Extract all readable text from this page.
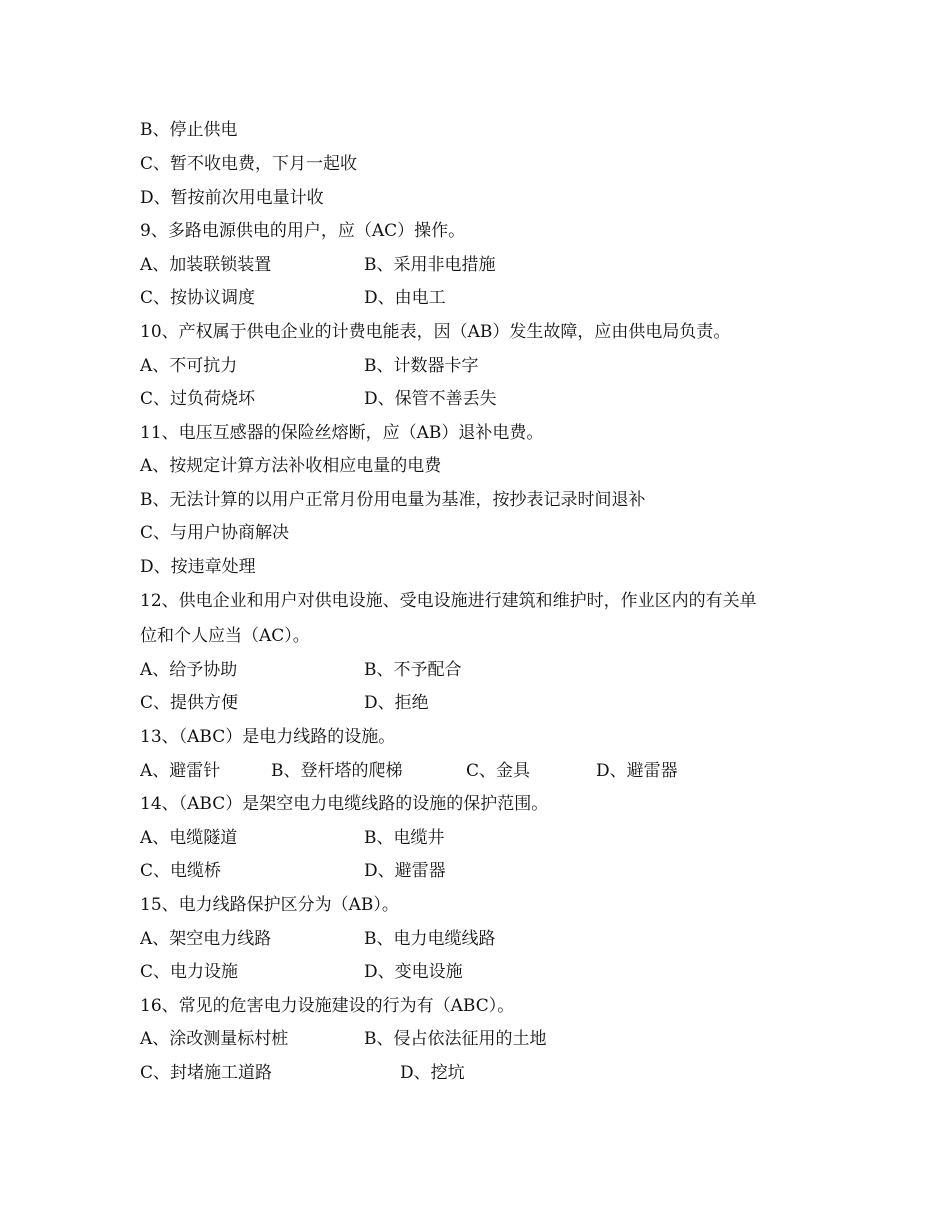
B、停止供电
C、暂不收电费，下月一起收
D、暂按前次用电量计收
9、多路电源供电的用户，应（AC）操作。
A、加装联锁装置	B、采用非电措施
C、按协议调度	D、由电工
10、产权属于供电企业的计费电能表，因（AB）发生故障，应由供电局负责。
A、不可抗力	B、计数器卡字
C、过负荷烧坏	D、保管不善丢失
11、电压互感器的保险丝熔断，应（AB）退补电费。
A、按规定计算方法补收相应电量的电费
B、无法计算的以用户正常月份用电量为基准，按抄表记录时间退补
C、与用户协商解决
D、按违章处理
12、供电企业和用户对供电设施、受电设施进行建筑和维护时，作业区内的有关单
位和个人应当（AC）。
A、给予协助	B、不予配合
C、提供方便	D、拒绝
13、（ABC）是电力线路的设施。
A、避雷针	B、登杆塔的爬梯	C、金具	D、避雷器
14、（ABC）是架空电力电缆线路的设施的保护范围。
A、电缆隧道	B、电缆井
C、电缆桥	D、避雷器
15、电力线路保护区分为（AB）。
A、架空电力线路	B、电力电缆线路
C、电力设施	D、变电设施
16、常见的危害电力设施建设的行为有（ABC）。
A、涂改测量标村桩	B、侵占依法征用的土地
C、封堵施工道路	D、挖坑
